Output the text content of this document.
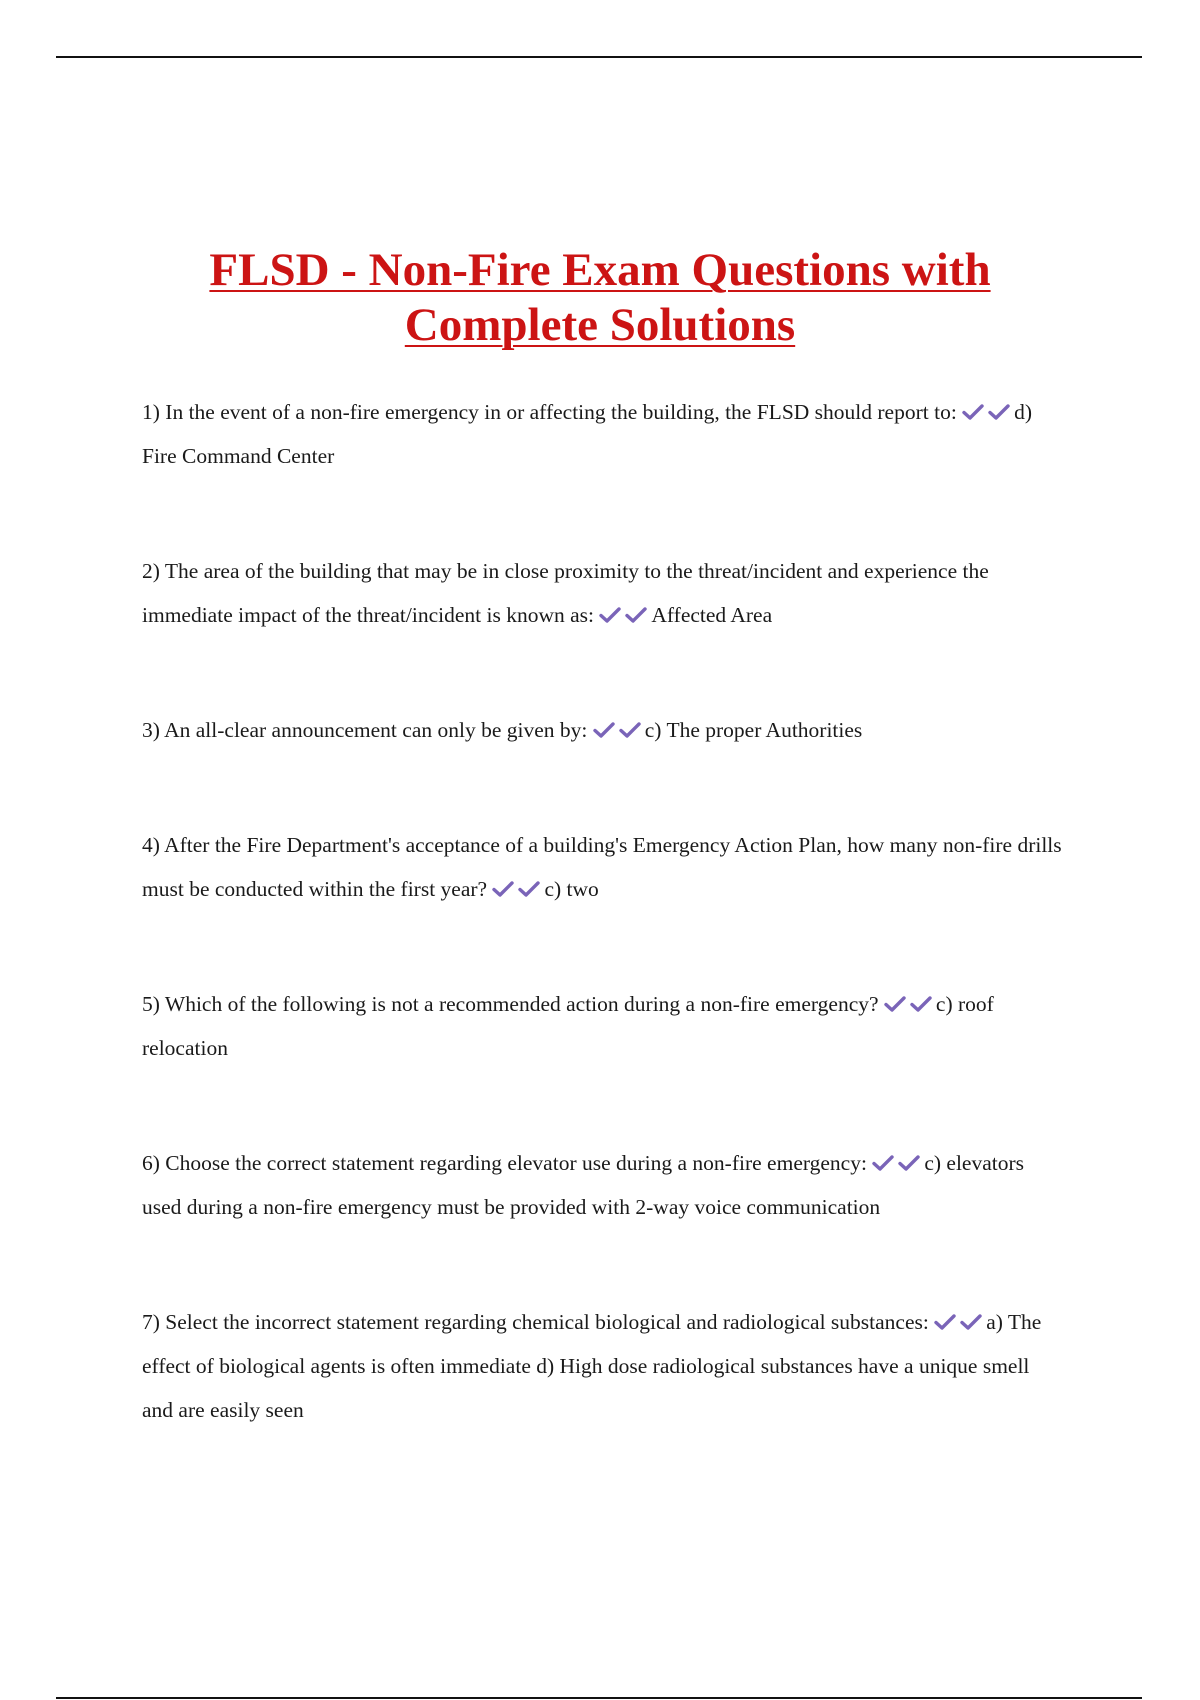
FLSD - Non-Fire Exam Questions with Complete Solutions

1) In the event of a non-fire emergency in or affecting the building, the FLSD should report to:	d) Fire Command Center

2) The area of the building that may be in close proximity to the threat/incident and experience the immediate impact of the threat/incident is known as:	Affected Area

3) An all-clear announcement can only be given by:	c) The proper Authorities

4) After the Fire Department's acceptance of a building's Emergency Action Plan, how many non-fire drills must be conducted within the first year?	c) two

5) Which of the following is not a recommended action during a non-fire emergency?	c) roof relocation

6) Choose the correct statement regarding elevator use during a non-fire emergency:	c) elevators used during a non-fire emergency must be provided with 2-way voice communication

7) Select the incorrect statement regarding chemical biological and radiological substances:	a) The effect of biological agents is often immediate d) High dose radiological substances have a unique smell and are easily seen
